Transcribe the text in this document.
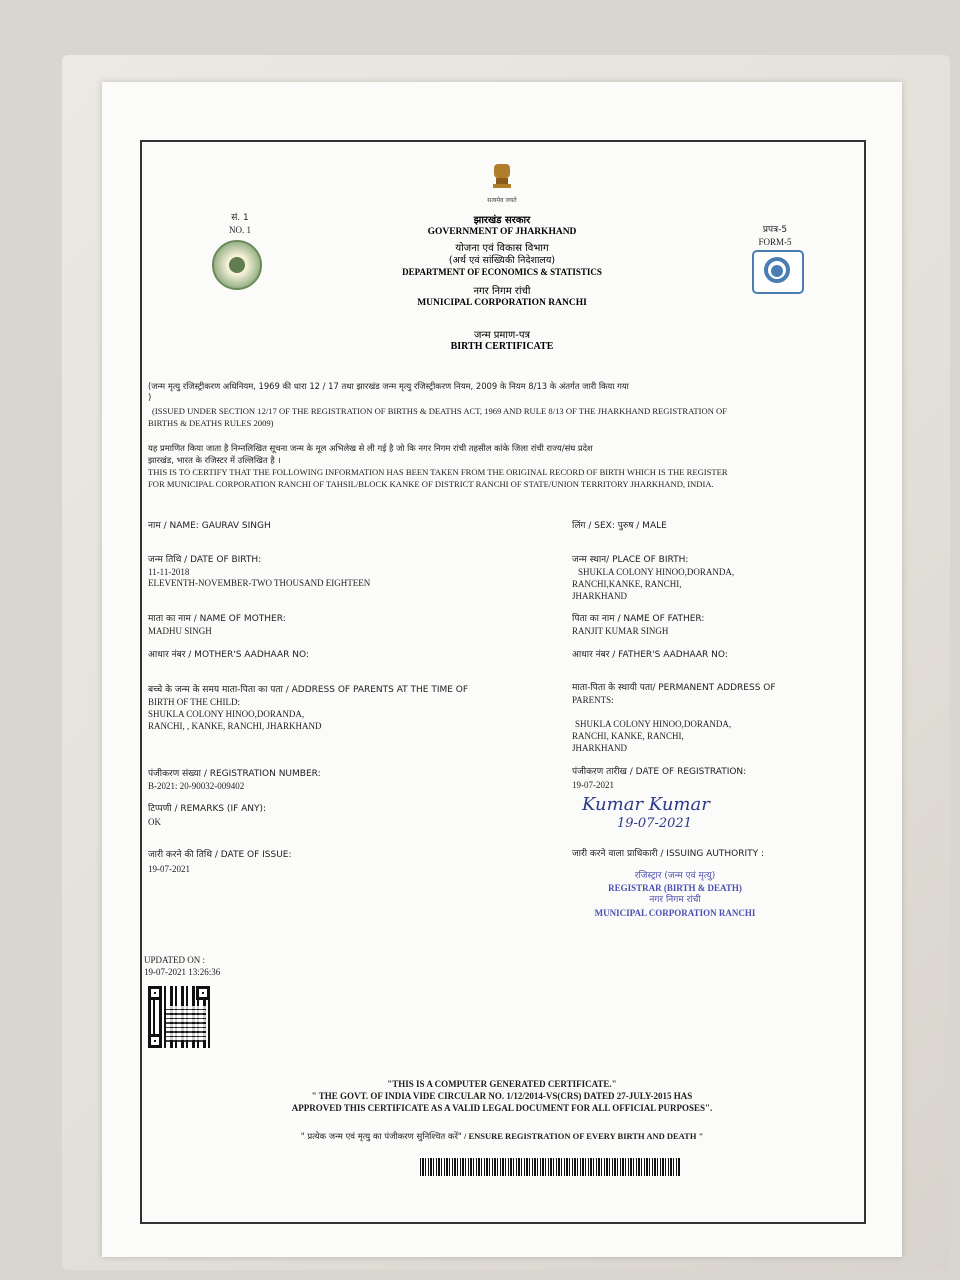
सत्यमेव जयते
सं. 1
NO. 1	प्रपत्र-5
FORM-5
झारखंड सरकार
GOVERNMENT OF JHARKHAND
योजना एवं विकास विभाग
(अर्थ एवं सांख्यिकी निदेशालय)
DEPARTMENT OF ECONOMICS & STATISTICS
नगर निगम रांची
MUNICIPAL CORPORATION RANCHI
जन्म प्रमाण-पत्र
BIRTH CERTIFICATE
(जन्म मृत्यु रजिस्ट्रीकरण अधिनियम, 1969 की धारा 12 / 17 तथा झारखंड जन्म मृत्यु रजिस्ट्रीकरण नियम, 2009 के नियम 8/13 के अंतर्गत जारी किया गया
)
(ISSUED UNDER SECTION 12/17 OF THE REGISTRATION OF BIRTHS & DEATHS ACT, 1969 AND RULE 8/13 OF THE JHARKHAND REGISTRATION OF
BIRTHS & DEATHS RULES 2009)
यह प्रमाणित किया जाता है निम्नलिखित सूचना जन्म के मूल अभिलेख से ली गई है जो कि नगर निगम रांची तहसील कांके जिला रांची राज्य/संघ प्रदेश
झारखंड, भारत के रजिस्टर में उल्लिखित है ।
THIS IS TO CERTIFY THAT THE FOLLOWING INFORMATION HAS BEEN TAKEN FROM THE ORIGINAL RECORD OF BIRTH WHICH IS THE REGISTER
FOR MUNICIPAL CORPORATION RANCHI OF TAHSIL/BLOCK KANKE OF DISTRICT RANCHI OF STATE/UNION TERRITORY JHARKHAND, INDIA.
नाम / NAME: GAURAV SINGH
जन्म तिथि / DATE OF BIRTH:
11-11-2018
ELEVENTH-NOVEMBER-TWO THOUSAND EIGHTEEN
माता का नाम / NAME OF MOTHER:
MADHU SINGH
आधार नंबर / MOTHER'S AADHAAR NO:
बच्चे के जन्म के समय माता-पिता का पता / ADDRESS OF PARENTS AT THE TIME OF
BIRTH OF THE CHILD:
SHUKLA COLONY HINOO,DORANDA,
RANCHI, , KANKE, RANCHI, JHARKHAND
पंजीकरण संख्या / REGISTRATION NUMBER:
B-2021: 20-90032-009402
टिप्पणी / REMARKS (IF ANY):
OK
जारी करने की तिथि / DATE OF ISSUE:
19-07-2021
लिंग / SEX: पुरुष / MALE
जन्म स्थान/ PLACE OF BIRTH:
SHUKLA COLONY HINOO,DORANDA,
RANCHI,KANKE, RANCHI,
JHARKHAND
पिता का नाम / NAME OF FATHER:
RANJIT KUMAR SINGH
आधार नंबर / FATHER'S AADHAAR NO:
माता-पिता के स्थायी पता/ PERMANENT ADDRESS OF
PARENTS:
SHUKLA COLONY HINOO,DORANDA,
RANCHI, KANKE, RANCHI,
JHARKHAND
पंजीकरण तारीख / DATE OF REGISTRATION:
19-07-2021
Kumar Kumar
19-07-2021
जारी करने वाला प्राधिकारी / ISSUING AUTHORITY :
रजिस्ट्रार (जन्म एवं मृत्यु)
REGISTRAR (BIRTH & DEATH)
नगर निगम रांची
MUNICIPAL CORPORATION RANCHI
UPDATED ON :
19-07-2021 13:26:36
"THIS IS A COMPUTER GENERATED CERTIFICATE."
" THE GOVT. OF INDIA VIDE CIRCULAR NO. 1/12/2014-VS(CRS) DATED 27-JULY-2015 HAS
APPROVED THIS CERTIFICATE AS A VALID LEGAL DOCUMENT FOR ALL OFFICIAL PURPOSES".
" प्रत्येक जन्म एवं मृत्यु का पंजीकरण सुनिश्चित करें" / ENSURE REGISTRATION OF EVERY BIRTH AND DEATH "
